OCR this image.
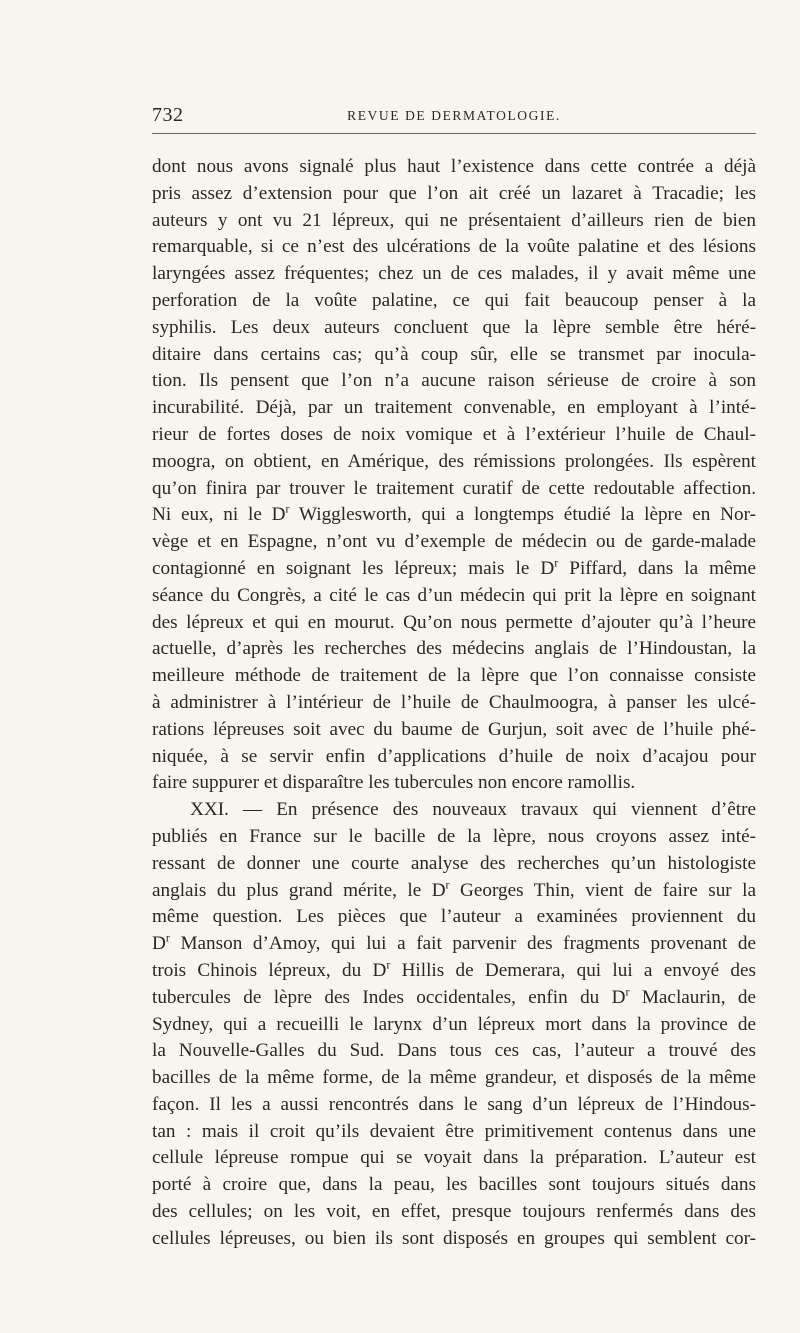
732	REVUE DE DERMATOLOGIE.
dont nous avons signalé plus haut l’existence dans cette contrée a déjà
pris assez d’extension pour que l’on ait créé un lazaret à Tracadie; les
auteurs y ont vu 21 lépreux, qui ne présentaient d’ailleurs rien de bien
remarquable, si ce n’est des ulcérations de la voûte palatine et des lésions
laryngées assez fréquentes; chez un de ces malades, il y avait même une
perforation de la voûte palatine, ce qui fait beaucoup penser à la
syphilis. Les deux auteurs concluent que la lèpre semble être héré-
ditaire dans certains cas; qu’à coup sûr, elle se transmet par inocula-
tion. Ils pensent que l’on n’a aucune raison sérieuse de croire à son
incurabilité. Déjà, par un traitement convenable, en employant à l’inté-
rieur de fortes doses de noix vomique et à l’extérieur l’huile de Chaul-
moogra, on obtient, en Amérique, des rémissions prolongées. Ils espèrent
qu’on finira par trouver le traitement curatif de cette redoutable affection.
Ni eux, ni le $D^r$ Wigglesworth, qui a longtemps étudié la lèpre en Nor-
vège et en Espagne, n’ont vu d’exemple de médecin ou de garde-malade
contagionné en soignant les lépreux; mais le $D^r$ Piffard, dans la même
séance du Congrès, a cité le cas d’un médecin qui prit la lèpre en soignant
des lépreux et qui en mourut. Qu’on nous permette d’ajouter qu’à l’heure
actuelle, d’après les recherches des médecins anglais de l’Hindoustan, la
meilleure méthode de traitement de la lèpre que l’on connaisse consiste
à administrer à l’intérieur de l’huile de Chaulmoogra, à panser les ulcé-
rations lépreuses soit avec du baume de Gurjun, soit avec de l’huile phé-
niquée, à se servir enfin d’applications d’huile de noix d’acajou pour
faire suppurer et disparaître les tubercules non encore ramollis.
XXI. — En présence des nouveaux travaux qui viennent d’être
publiés en France sur le bacille de la lèpre, nous croyons assez inté-
ressant de donner une courte analyse des recherches qu’un histologiste
anglais du plus grand mérite, le $D^r$ Georges Thin, vient de faire sur la
même question. Les pièces que l’auteur a examinées proviennent du
$D^r$ Manson d’Amoy, qui lui a fait parvenir des fragments provenant de
trois Chinois lépreux, du $D^r$ Hillis de Demerara, qui lui a envoyé des
tubercules de lèpre des Indes occidentales, enfin du $D^r$ Maclaurin, de
Sydney, qui a recueilli le larynx d’un lépreux mort dans la province de
la Nouvelle-Galles du Sud. Dans tous ces cas, l’auteur a trouvé des
bacilles de la même forme, de la même grandeur, et disposés de la même
façon. Il les a aussi rencontrés dans le sang d’un lépreux de l’Hindous-
tan : mais il croit qu’ils devaient être primitivement contenus dans une
cellule lépreuse rompue qui se voyait dans la préparation. L’auteur est
porté à croire que, dans la peau, les bacilles sont toujours situés dans
des cellules; on les voit, en effet, presque toujours renfermés dans des
cellules lépreuses, ou bien ils sont disposés en groupes qui semblent cor-
